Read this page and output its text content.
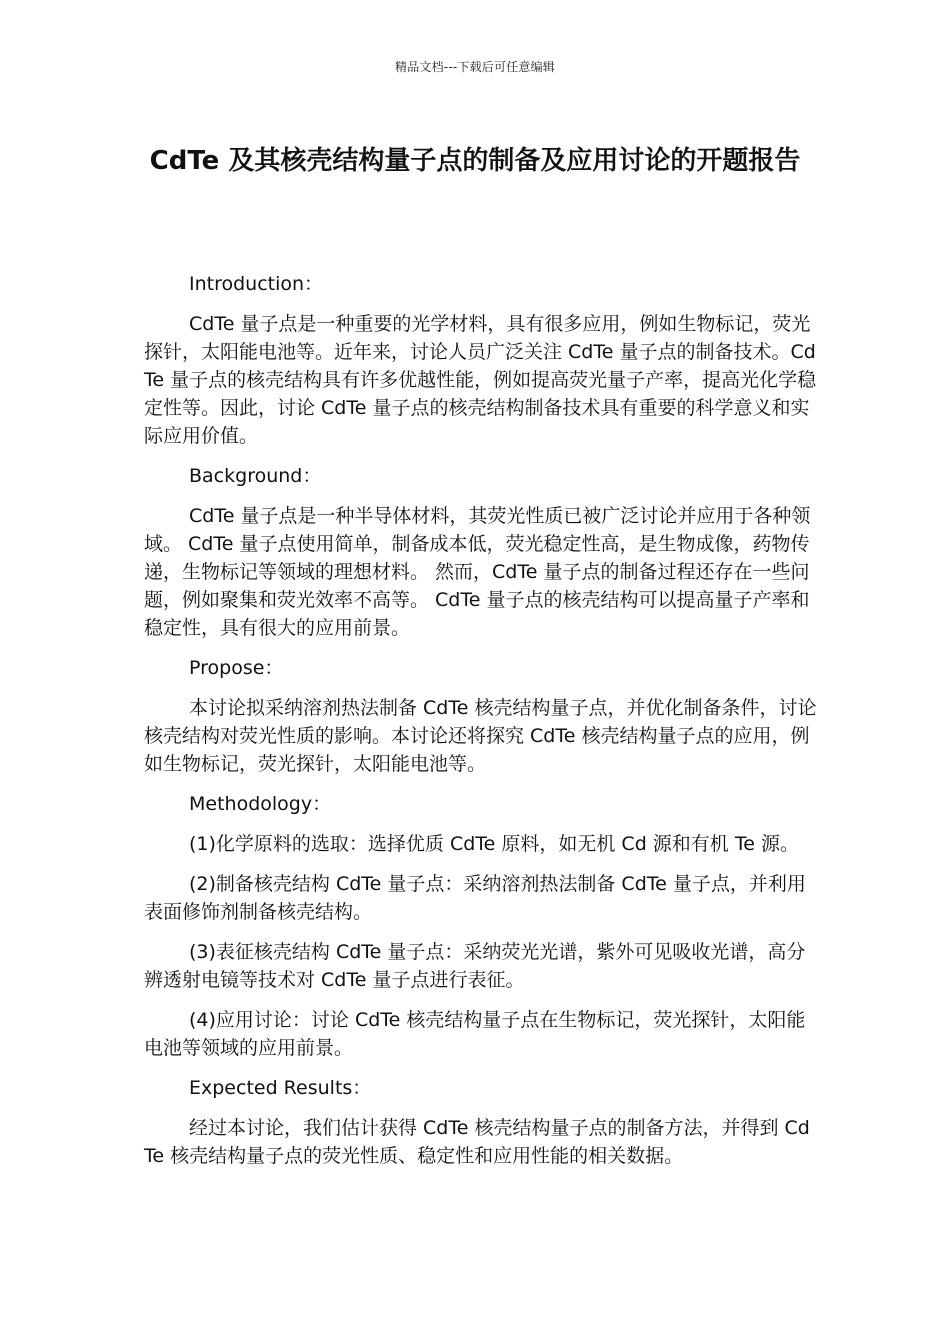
精品文档---下载后可任意编辑
CdTe 及其核壳结构量子点的制备及应用讨论的开题报告

Introduction：

CdTe 量子点是一种重要的光学材料，具有很多应用，例如生物标记，荧光探针，太阳能电池等。近年来，讨论人员广泛关注 CdTe 量子点的制备技术。CdTe 量子点的核壳结构具有许多优越性能，例如提高荧光量子产率，提高光化学稳定性等。因此，讨论 CdTe 量子点的核壳结构制备技术具有重要的科学意义和实际应用价值。

Background：

CdTe 量子点是一种半导体材料，其荧光性质已被广泛讨论并应用于各种领域。 CdTe 量子点使用简单，制备成本低，荧光稳定性高，是生物成像，药物传递，生物标记等领域的理想材料。 然而，CdTe 量子点的制备过程还存在一些问题，例如聚集和荧光效率不高等。 CdTe 量子点的核壳结构可以提高量子产率和稳定性，具有很大的应用前景。

Propose：

本讨论拟采纳溶剂热法制备 CdTe 核壳结构量子点，并优化制备条件，讨论核壳结构对荧光性质的影响。本讨论还将探究 CdTe 核壳结构量子点的应用，例如生物标记，荧光探针，太阳能电池等。

Methodology：

(1)化学原料的选取：选择优质 CdTe 原料，如无机 Cd 源和有机 Te 源。

(2)制备核壳结构 CdTe 量子点：采纳溶剂热法制备 CdTe 量子点，并利用表面修饰剂制备核壳结构。

(3)表征核壳结构 CdTe 量子点：采纳荧光光谱，紫外可见吸收光谱，高分辨透射电镜等技术对 CdTe 量子点进行表征。

(4)应用讨论：讨论 CdTe 核壳结构量子点在生物标记，荧光探针，太阳能电池等领域的应用前景。

Expected Results：

经过本讨论，我们估计获得 CdTe 核壳结构量子点的制备方法，并得到 CdTe 核壳结构量子点的荧光性质、稳定性和应用性能的相关数据。
